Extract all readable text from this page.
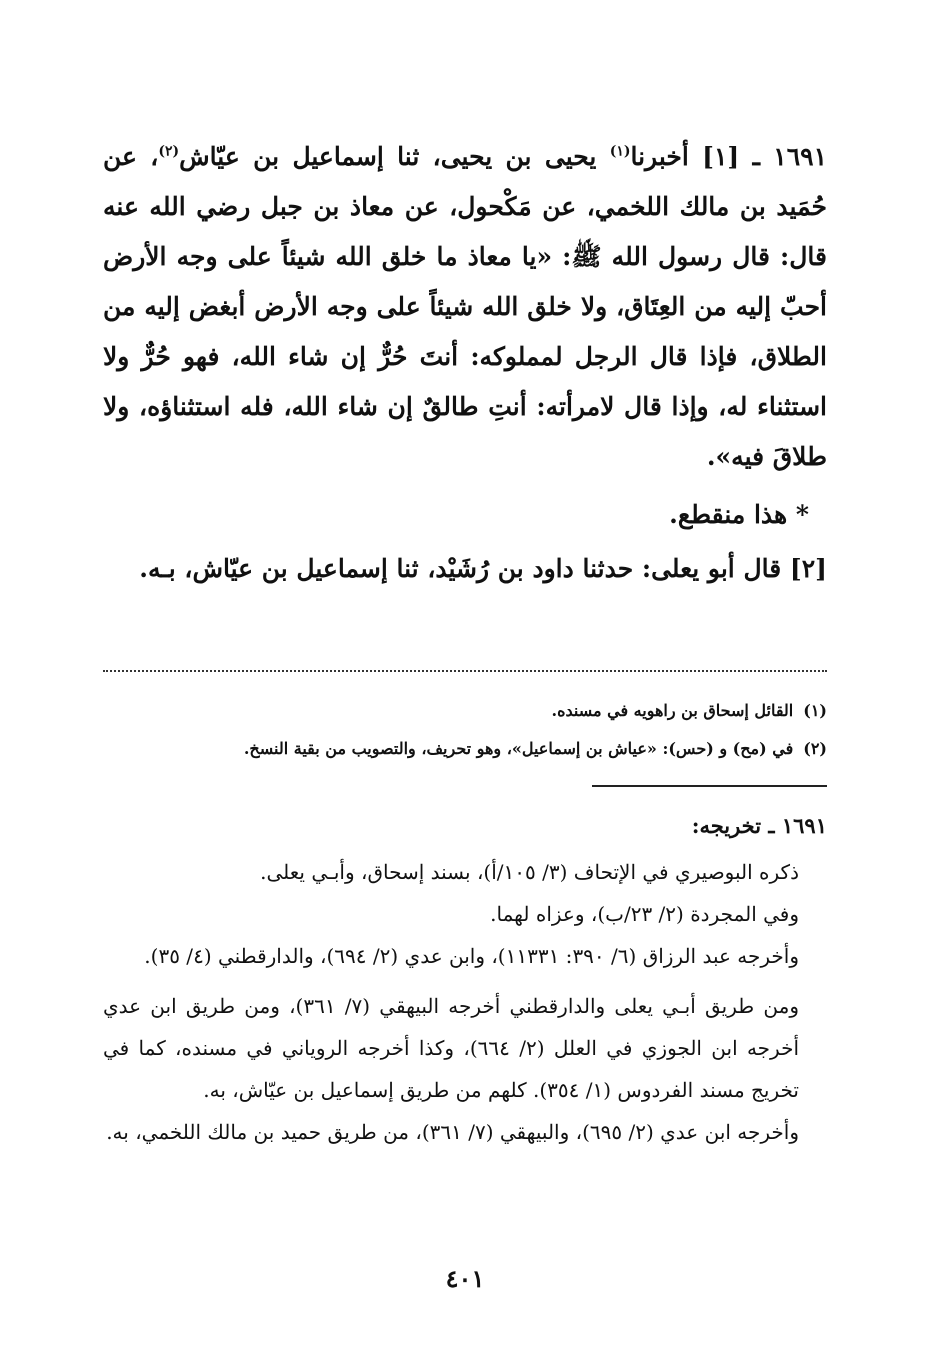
١٦٩١ ـ [١] أخبرنا$^{(١)}$ يحيى بن يحيى، ثنا إسماعيل بن عيّاش$^{(٢)}$، عن حُمَيد بن مالك اللخمي، عن مَكْحول، عن معاذ بن جبل رضي الله عنه قال: قال رسول الله ﷺ: «يا معاذ ما خلق الله شيئاً على وجه الأرض أحبّ إليه من العِتَاق، ولا خلق الله شيئاً على وجه الأرض أبغض إليه من الطلاق، فإذا قال الرجل لمملوكه: أنتَ حُرٌّ إن شاء الله، فهو حُرٌّ ولا استثناء له، وإذا قال لامرأته: أنتِ طالقٌ إن شاء الله، فله استثناؤه، ولا طلاقَ فيه».

* هذا منقطع.

[٢] قال أبو يعلى: حدثنا داود بن رُشَيْد، ثنا إسماعيل بن عيّاش، بـه.

(١)القائل إسحاق بن راهويه في مسنده.
(٢)في (مح) و (حس): «عياش بن إسماعيل»، وهو تحريف، والتصويب من بقية النسخ.

١٦٩١ ـ تخريجه:

ذكره البوصيري في الإتحاف (٣/ ١٠٥/أ)، بسند إسحاق، وأبـي يعلى.

وفي المجردة (٢/ ٢٣/ب)، وعزاه لهما.

وأخرجه عبد الرزاق (٦/ ٣٩٠: ١١٣٣١)، وابن عدي (٢/ ٦٩٤)، والدارقطني (٤/ ٣٥).

ومن طريق أبـي يعلى والدارقطني أخرجه البيهقي (٧/ ٣٦١)، ومن طريق ابن عدي أخرجه ابن الجوزي في العلل (٢/ ٦٦٤)، وكذا أخرجه الروياني في مسنده، كما في تخريج مسند الفردوس (١/ ٣٥٤). كلهم من طريق إسماعيل بن عيّاش، به.

وأخرجه ابن عدي (٢/ ٦٩٥)، والبيهقي (٧/ ٣٦١)، من طريق حميد بن مالك اللخمي، به.

٤٠١
